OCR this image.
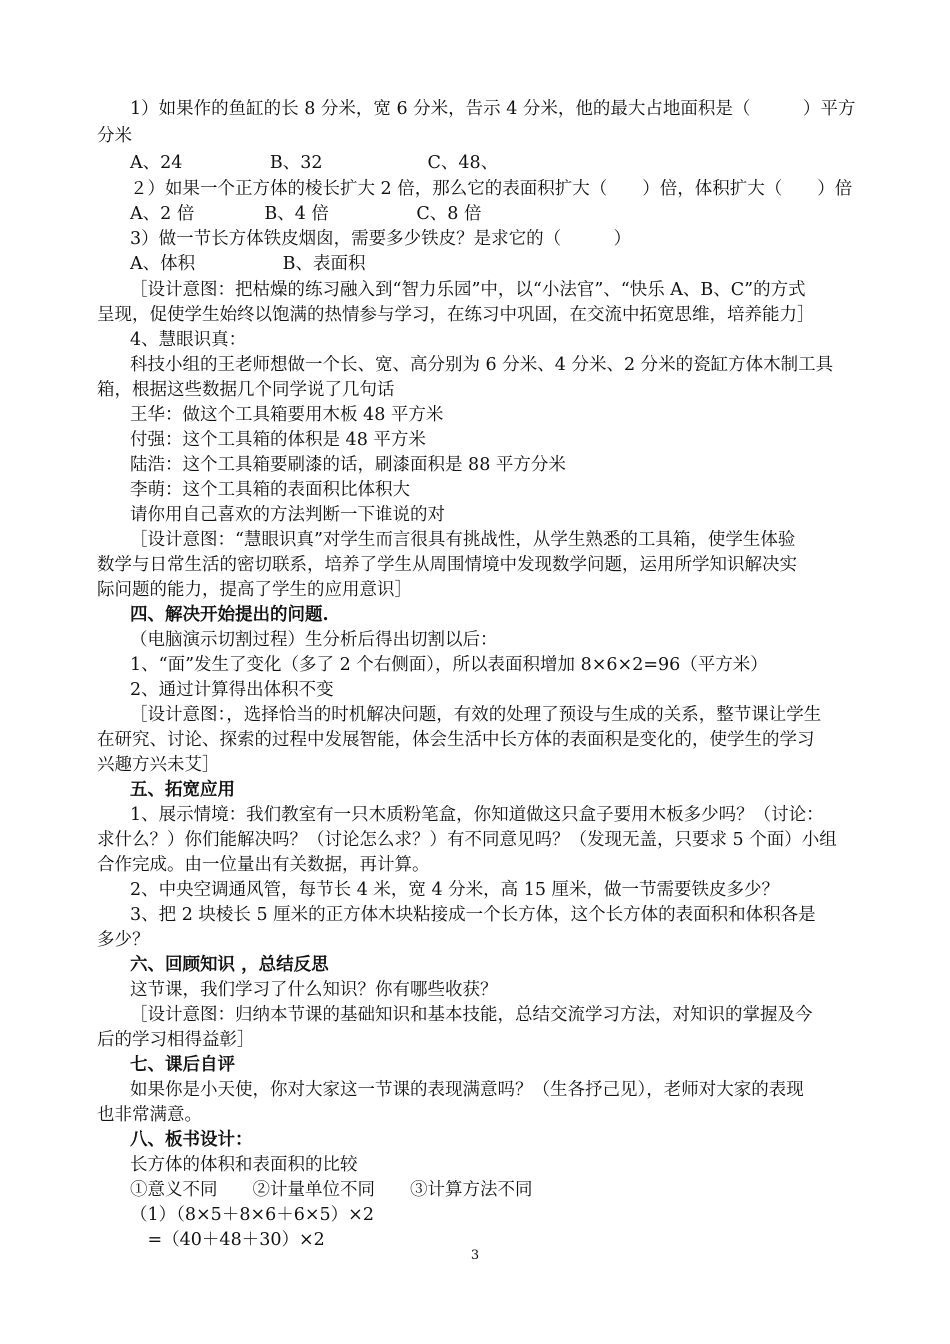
1）如果作的鱼缸的长 8 分米，宽 6 分米，告示 4 分米，他的最大占地面积是（　　　）平方
分米
A、24　　　　　B、32　　　　　　C、48、
２）如果一个正方体的棱长扩大 2 倍，那么它的表面积扩大（　　）倍，体积扩大（　　）倍
A、2 倍　　　　B、4 倍　　　　　C、8 倍
3）做一节长方体铁皮烟囱，需要多少铁皮？是求它的（　　　）
A、体积　　　　　B、表面积
［设计意图：把枯燥的练习融入到“智力乐园”中，以“小法官”、“快乐 A、B、C”的方式
呈现，促使学生始终以饱满的热情参与学习，在练习中巩固，在交流中拓宽思维，培养能力］
4、慧眼识真：
科技小组的王老师想做一个长、宽、高分别为 6 分米、4 分米、2 分米的瓷缸方体木制工具
箱，根据这些数据几个同学说了几句话
王华：做这个工具箱要用木板 48 平方米
付强：这个工具箱的体积是 48 平方米
陆浩：这个工具箱要刷漆的话，刷漆面积是 88 平方分米
李萌：这个工具箱的表面积比体积大
请你用自己喜欢的方法判断一下谁说的对
［设计意图：“慧眼识真”对学生而言很具有挑战性，从学生熟悉的工具箱，使学生体验
数学与日常生活的密切联系，培养了学生从周围情境中发现数学问题，运用所学知识解决实
际问题的能力，提高了学生的应用意识］
四、解决开始提出的问题.
（电脑演示切割过程）生分析后得出切割以后：
1、“面”发生了变化（多了 2 个右侧面），所以表面积增加 8×6×2=96（平方米）
2、通过计算得出体积不变
［设计意图：，选择恰当的时机解决问题，有效的处理了预设与生成的关系，整节课让学生
在研究、讨论、探索的过程中发展智能，体会生活中长方体的表面积是变化的，使学生的学习
兴趣方兴未艾］
五、拓宽应用
1、展示情境：我们教室有一只木质粉笔盒，你知道做这只盒子要用木板多少吗？（讨论：
求什么？）你们能解决吗？（讨论怎么求？）有不同意见吗？（发现无盖，只要求 5 个面）小组
合作完成。由一位量出有关数据，再计算。
2、中央空调通风管，每节长 4 米，宽 4 分米，高 15 厘米，做一节需要铁皮多少？
3、把 2 块棱长 5 厘米的正方体木块粘接成一个长方体，这个长方体的表面积和体积各是
多少？
六、回顾知识 ，总结反思
这节课，我们学习了什么知识？你有哪些收获？
［设计意图：归纳本节课的基础知识和基本技能，总结交流学习方法，对知识的掌握及今
后的学习相得益彰］
七、课后自评
如果你是小天使，你对大家这一节课的表现满意吗？（生各抒己见），老师对大家的表现
也非常满意。
八、板书设计：
长方体的体积和表面积的比较
①意义不同　　②计量单位不同　　③计算方法不同
（1）（8×5＋8×6＋6×5）×2
　=（40＋48＋30）×2
3
